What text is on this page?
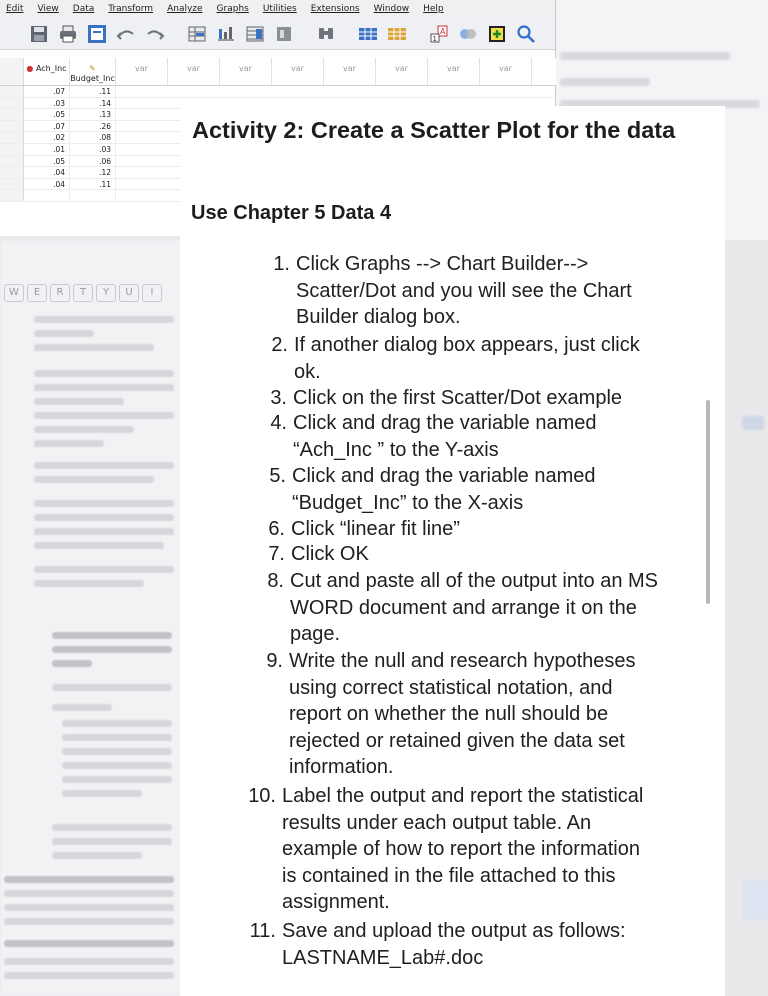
W	E	R	T	Y	U	I
Edit View Data Transform Analyze Graphs Utilities Extensions Window Help
A
1
● Ach_Inc	✎ Budget_Inc
var	var	var	var	var	var	var	var
.07	.11
.03	.14
.05	.13
.07	.26
.02	.08
.01	.03
.05	.06
.04	.12
.04	.11
Activity 2: Create a Scatter Plot for the data
Use Chapter 5 Data 4
1. Click Graphs --> Chart Builder-->
Scatter/Dot and you will see the Chart
Builder dialog box.
2. If another dialog box appears, just click
ok.
3. Click on the first Scatter/Dot example
4. Click and drag the variable named
“Ach_Inc ” to the Y-axis
5. Click and drag the variable named
“Budget_Inc” to the X-axis
6. Click “linear fit line”
7. Click OK
8. Cut and paste all of the output into an MS
WORD document and arrange it on the
page.
9. Write the null and research hypotheses
using correct statistical notation, and
report on whether the null should be
rejected or retained given the data set
information.
10. Label the output and report the statistical
results under each output table. An
example of how to report the information
is contained in the file attached to this
assignment.
11. Save and upload the output as follows:
LASTNAME_Lab#.doc
